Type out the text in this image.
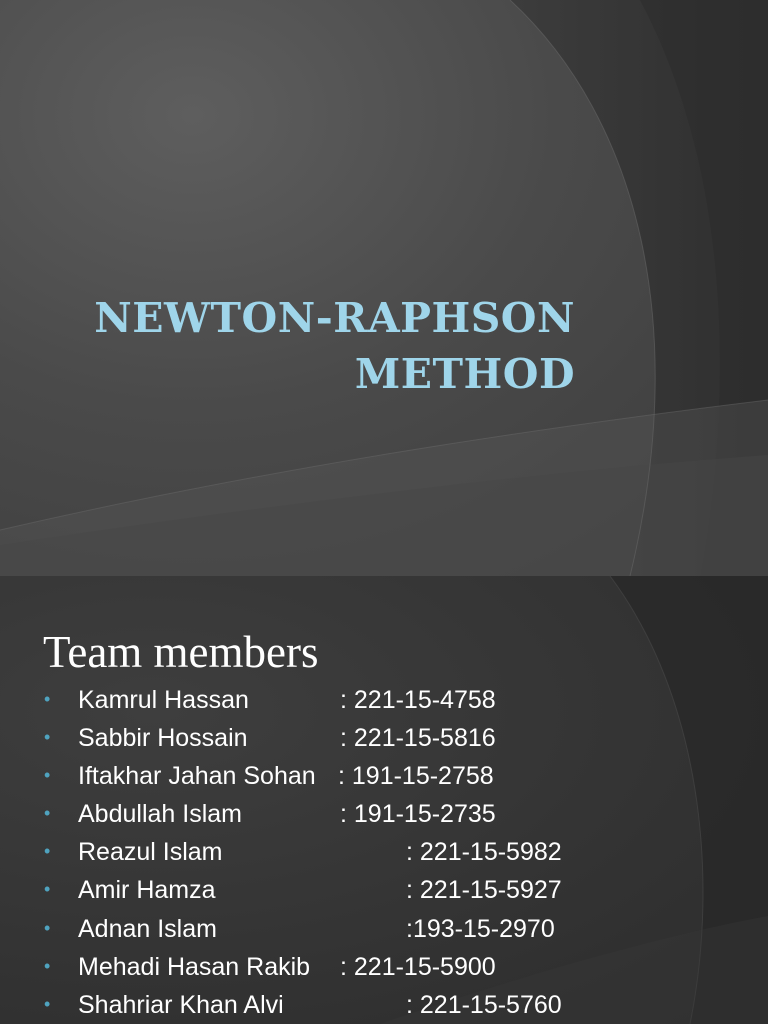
NEWTON-RAPHSON
METHOD
Team members
• Kamrul Hassan	: 221-15-4758
• Sabbir Hossain	: 221-15-5816
• Iftakhar Jahan Sohan : 191-15-2758
• Abdullah Islam	: 191-15-2735
• Reazul Islam	: 221-15-5982
• Amir Hamza	: 221-15-5927
• Adnan Islam	:193-15-2970
• Mehadi Hasan Rakib : 221-15-5900
• Shahriar Khan Alvi	: 221-15-5760
